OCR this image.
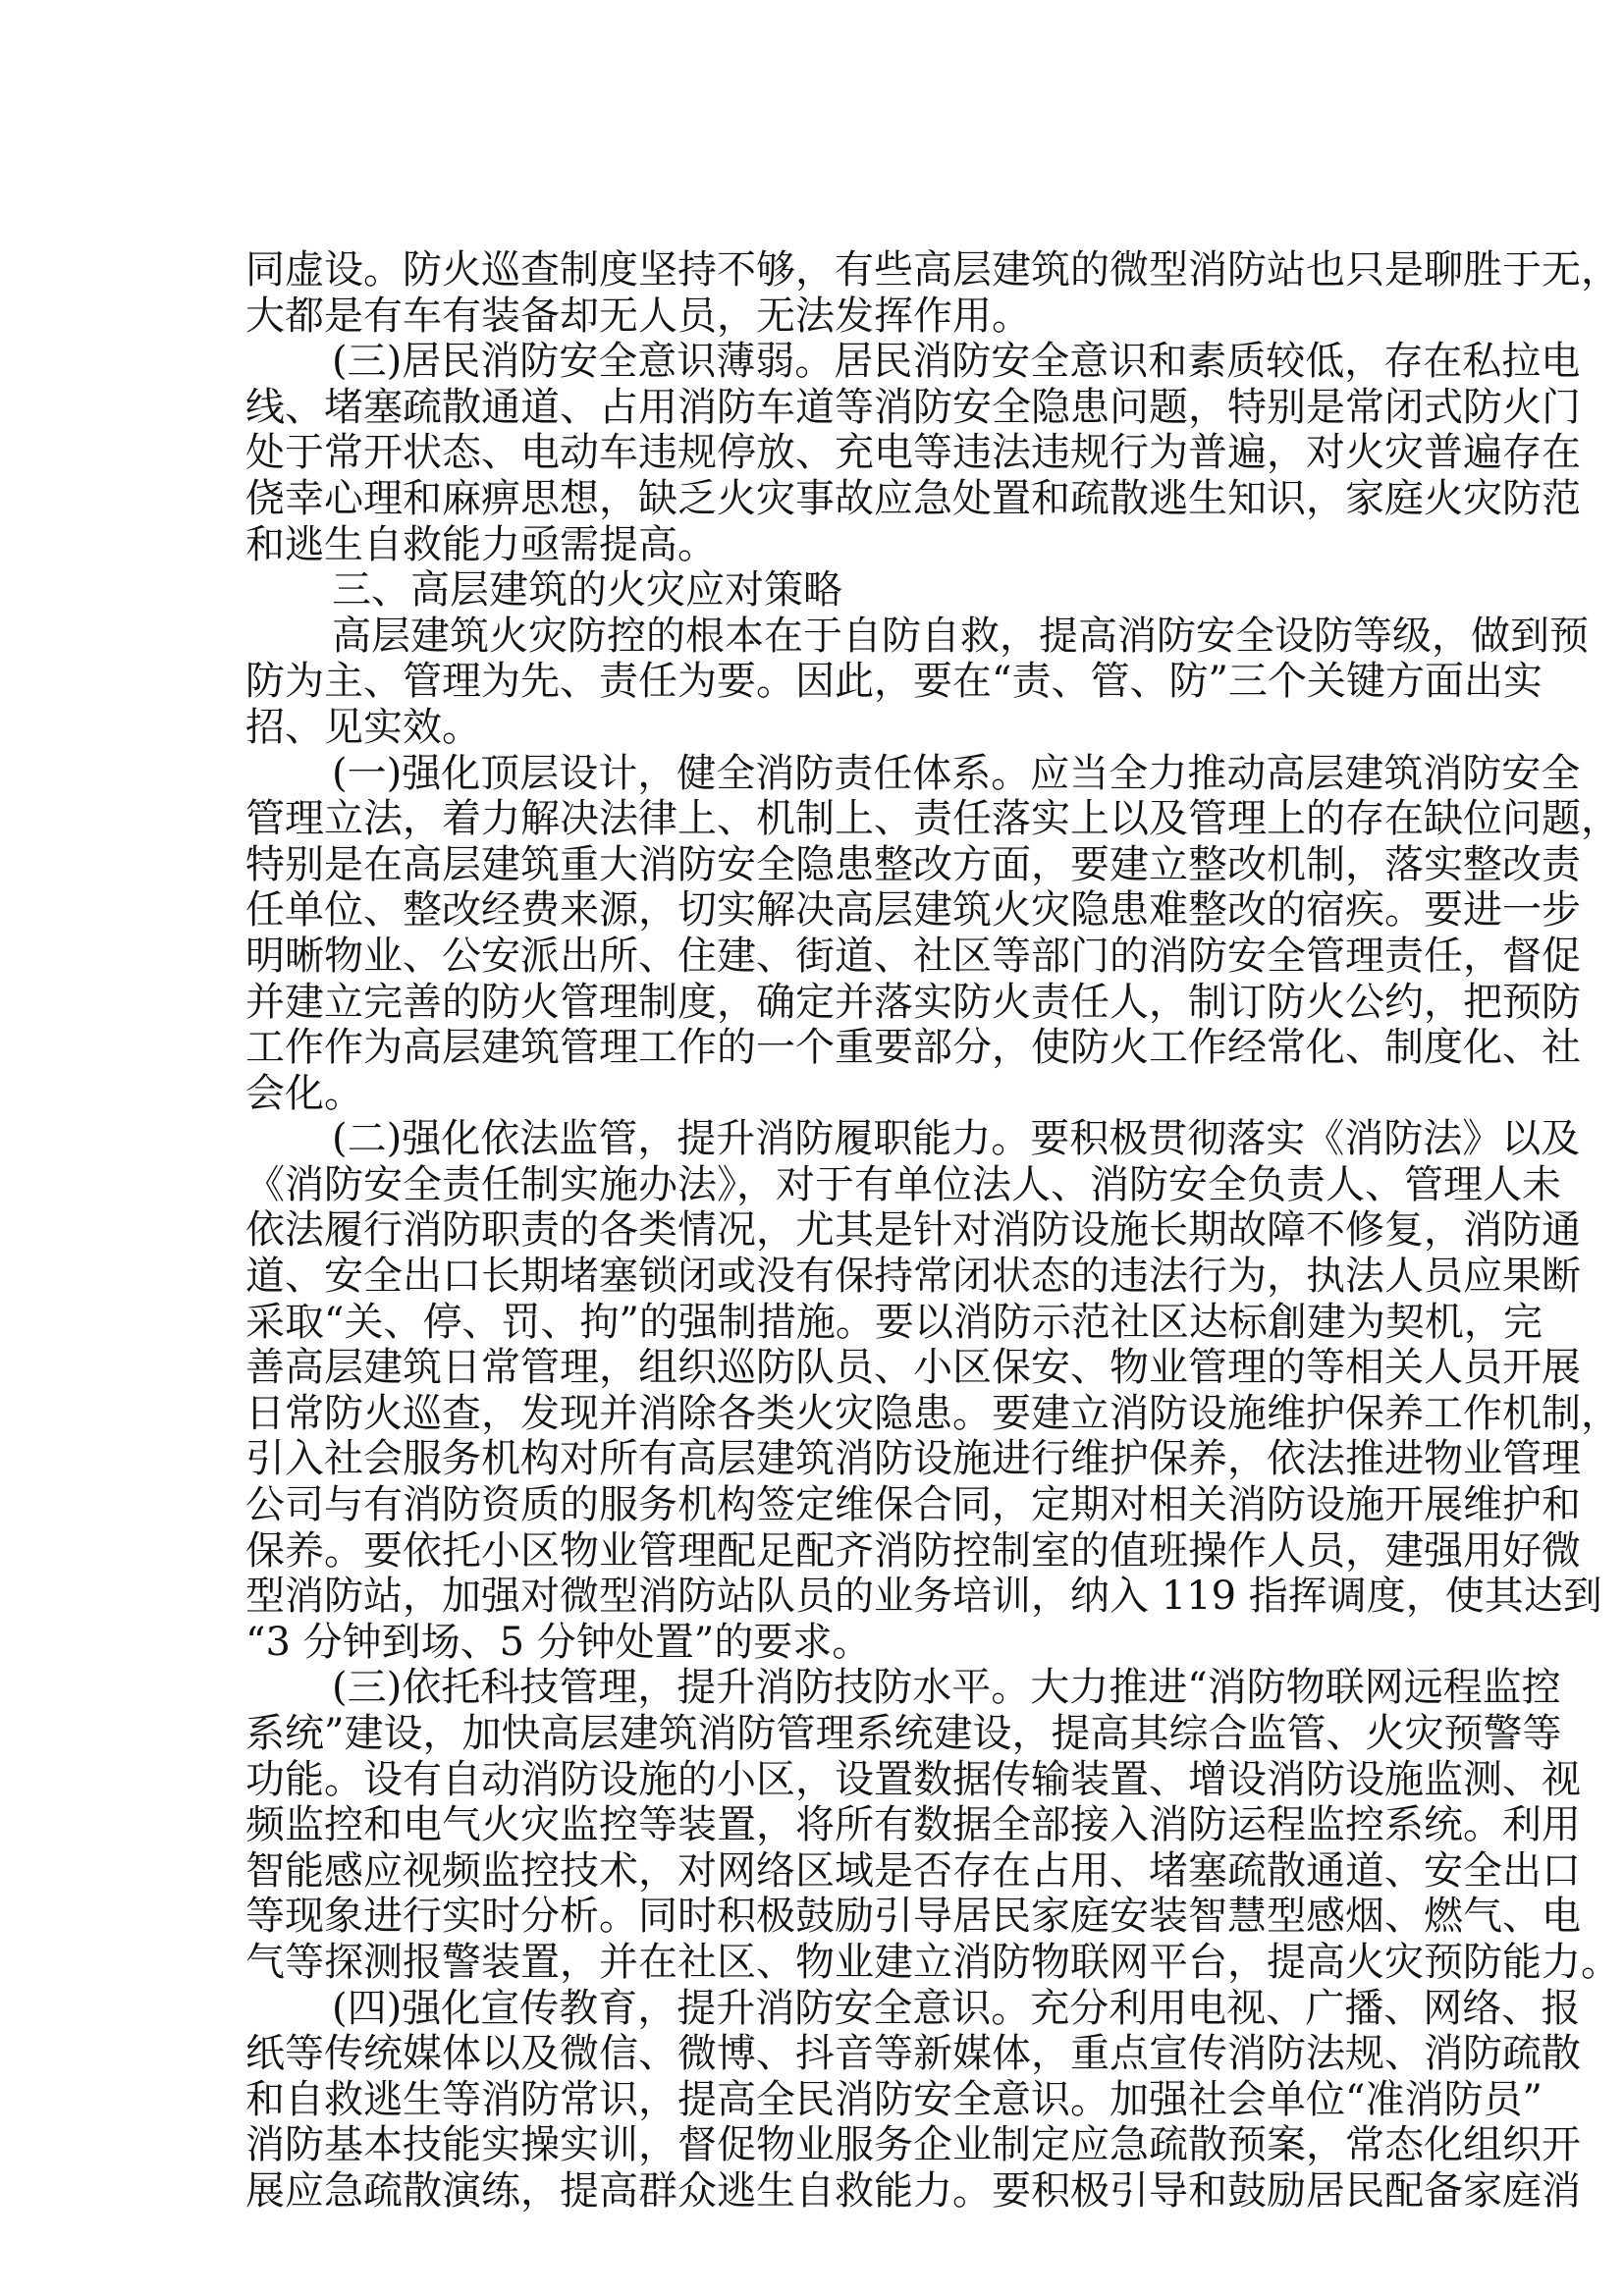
同虚设。防火巡查制度坚持不够，有些高层建筑的微型消防站也只是聊胜于无，
大都是有车有装备却无人员，无法发挥作用。
(三)居民消防安全意识薄弱。居民消防安全意识和素质较低，存在私拉电
线、堵塞疏散通道、占用消防车道等消防安全隐患问题，特别是常闭式防火门
处于常开状态、电动车违规停放、充电等违法违规行为普遍，对火灾普遍存在
侥幸心理和麻痹思想，缺乏火灾事故应急处置和疏散逃生知识，家庭火灾防范
和逃生自救能力亟需提高。
三、高层建筑的火灾应对策略
高层建筑火灾防控的根本在于自防自救，提高消防安全设防等级，做到预
防为主、管理为先、责任为要。因此，要在“责、管、防”三个关键方面出实
招、见实效。
(一)强化顶层设计，健全消防责任体系。应当全力推动高层建筑消防安全
管理立法，着力解决法律上、机制上、责任落实上以及管理上的存在缺位问题，
特别是在高层建筑重大消防安全隐患整改方面，要建立整改机制，落实整改责
任单位、整改经费来源，切实解决高层建筑火灾隐患难整改的宿疾。要进一步
明晰物业、公安派出所、住建、街道、社区等部门的消防安全管理责任，督促
并建立完善的防火管理制度，确定并落实防火责任人，制订防火公约，把预防
工作作为高层建筑管理工作的一个重要部分，使防火工作经常化、制度化、社
会化。
(二)强化依法监管，提升消防履职能力。要积极贯彻落实《消防法》以及
《消防安全责任制实施办法》，对于有单位法人、消防安全负责人、管理人未
依法履行消防职责的各类情况，尤其是针对消防设施长期故障不修复，消防通
道、安全出口长期堵塞锁闭或没有保持常闭状态的违法行为，执法人员应果断
采取“关、停、罚、拘”的强制措施。要以消防示范社区达标創建为契机，完
善高层建筑日常管理，组织巡防队员、小区保安、物业管理的等相关人员开展
日常防火巡查，发现并消除各类火灾隐患。要建立消防设施维护保养工作机制，
引入社会服务机构对所有高层建筑消防设施进行维护保养，依法推进物业管理
公司与有消防资质的服务机构签定维保合同，定期对相关消防设施开展维护和
保养。要依托小区物业管理配足配齐消防控制室的值班操作人员，建强用好微
型消防站，加强对微型消防站队员的业务培训，纳入 119 指挥调度，使其达到
“3 分钟到场、5 分钟处置”的要求。
(三)依托科技管理，提升消防技防水平。大力推进“消防物联网远程监控
系统”建设，加快高层建筑消防管理系统建设，提高其综合监管、火灾预警等
功能。设有自动消防设施的小区，设置数据传输装置、增设消防设施监测、视
频监控和电气火灾监控等装置，将所有数据全部接入消防运程监控系统。利用
智能感应视频监控技术，对网络区域是否存在占用、堵塞疏散通道、安全出口
等现象进行实时分析。同时积极鼓励引导居民家庭安装智慧型感烟、燃气、电
气等探测报警装置，并在社区、物业建立消防物联网平台，提高火灾预防能力。
(四)强化宣传教育，提升消防安全意识。充分利用电视、广播、网络、报
纸等传统媒体以及微信、微博、抖音等新媒体，重点宣传消防法规、消防疏散
和自救逃生等消防常识，提高全民消防安全意识。加强社会单位“准消防员”
消防基本技能实操实训，督促物业服务企业制定应急疏散预案，常态化组织开
展应急疏散演练，提高群众逃生自救能力。要积极引导和鼓励居民配备家庭消
